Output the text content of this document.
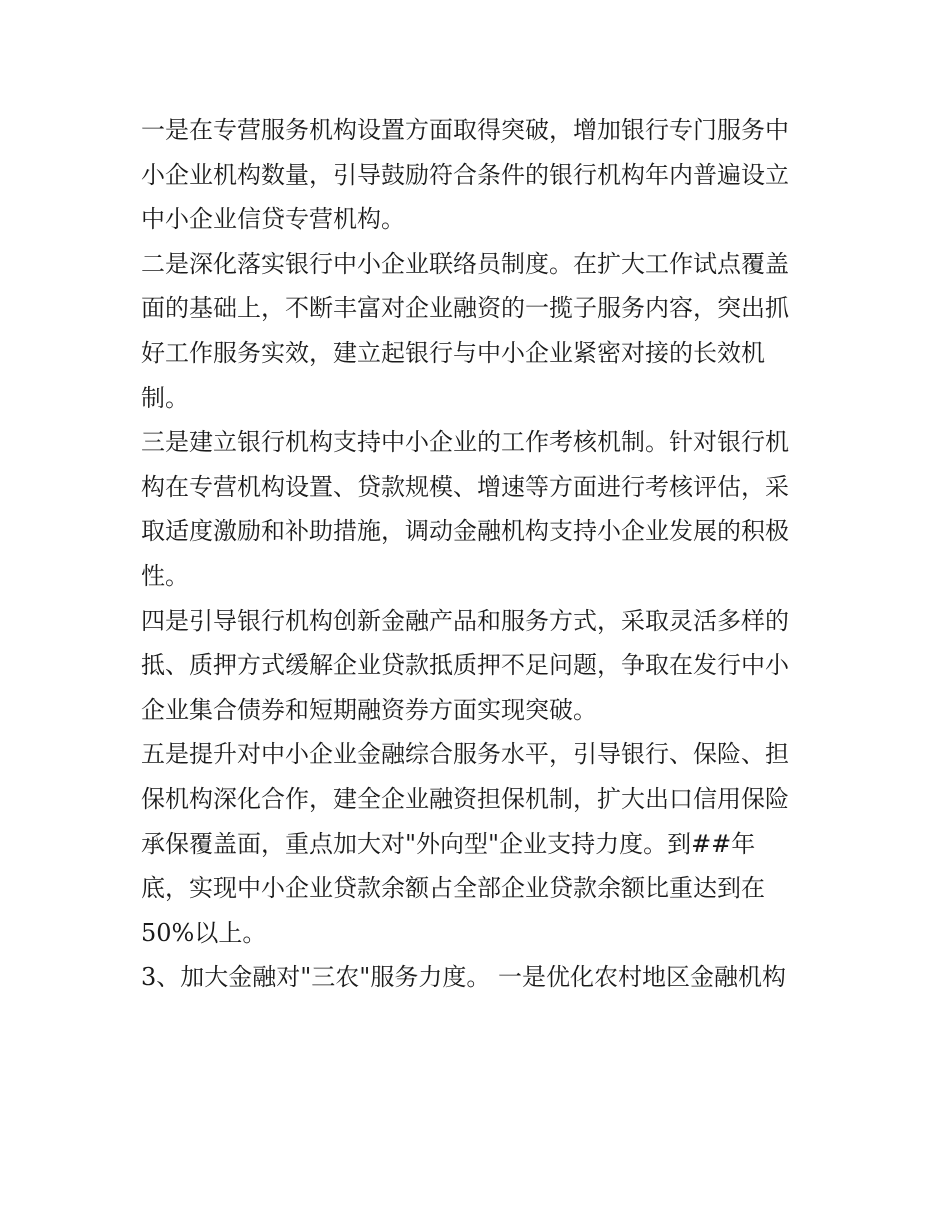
一是在专营服务机构设置方面取得突破，增加银行专门服务中
小企业机构数量，引导鼓励符合条件的银行机构年内普遍设立
中小企业信贷专营机构。

二是深化落实银行中小企业联络员制度。在扩大工作试点覆盖
面的基础上，不断丰富对企业融资的一揽子服务内容，突出抓
好工作服务实效，建立起银行与中小企业紧密对接的长效机
制。

三是建立银行机构支持中小企业的工作考核机制。针对银行机
构在专营机构设置、贷款规模、增速等方面进行考核评估，采
取适度激励和补助措施，调动金融机构支持小企业发展的积极
性。

四是引导银行机构创新金融产品和服务方式，采取灵活多样的
抵、质押方式缓解企业贷款抵质押不足问题，争取在发行中小
企业集合债券和短期融资券方面实现突破。

五是提升对中小企业金融综合服务水平，引导银行、保险、担
保机构深化合作，建全企业融资担保机制，扩大出口信用保险
承保覆盖面，重点加大对"外向型"企业支持力度。到##年
底，实现中小企业贷款余额占全部企业贷款余额比重达到在
50%以上。

3、加大金融对"三农"服务力度。 一是优化农村地区金融机构
